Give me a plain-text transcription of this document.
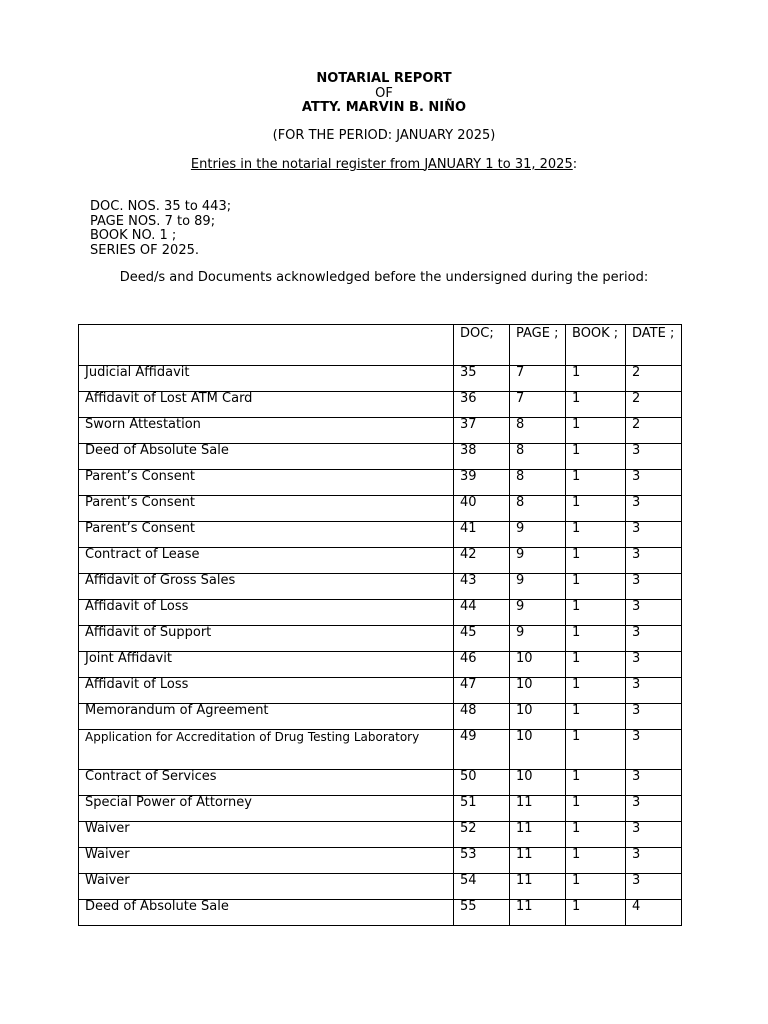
NOTARIAL REPORT
OF
ATTY. MARVIN B. NIÑO
(FOR THE PERIOD: JANUARY 2025)
Entries in the notarial register from JANUARY 1 to 31, 2025:
DOC. NOS. 35 to 443;
PAGE NOS. 7 to 89;
BOOK NO. 1 ;
SERIES OF 2025.
Deed/s and Documents acknowledged before the undersigned during the period:
	DOC;	PAGE ;	BOOK ;	DATE ;
Judicial Affidavit	35	7	1	2
Affidavit of Lost ATM Card	36	7	1	2
Sworn Attestation	37	8	1	2
Deed of Absolute Sale	38	8	1	3
Parent’s Consent	39	8	1	3
Parent’s Consent	40	8	1	3
Parent’s Consent	41	9	1	3
Contract of Lease	42	9	1	3
Affidavit of Gross Sales	43	9	1	3
Affidavit of Loss	44	9	1	3
Affidavit of Support	45	9	1	3
Joint Affidavit	46	10	1	3
Affidavit of Loss	47	10	1	3
Memorandum of Agreement	48	10	1	3
Application for Accreditation of Drug Testing Laboratory	49	10	1	3
Contract of Services	50	10	1	3
Special Power of Attorney	51	11	1	3
Waiver	52	11	1	3
Waiver	53	11	1	3
Waiver	54	11	1	3
Deed of Absolute Sale	55	11	1	4
